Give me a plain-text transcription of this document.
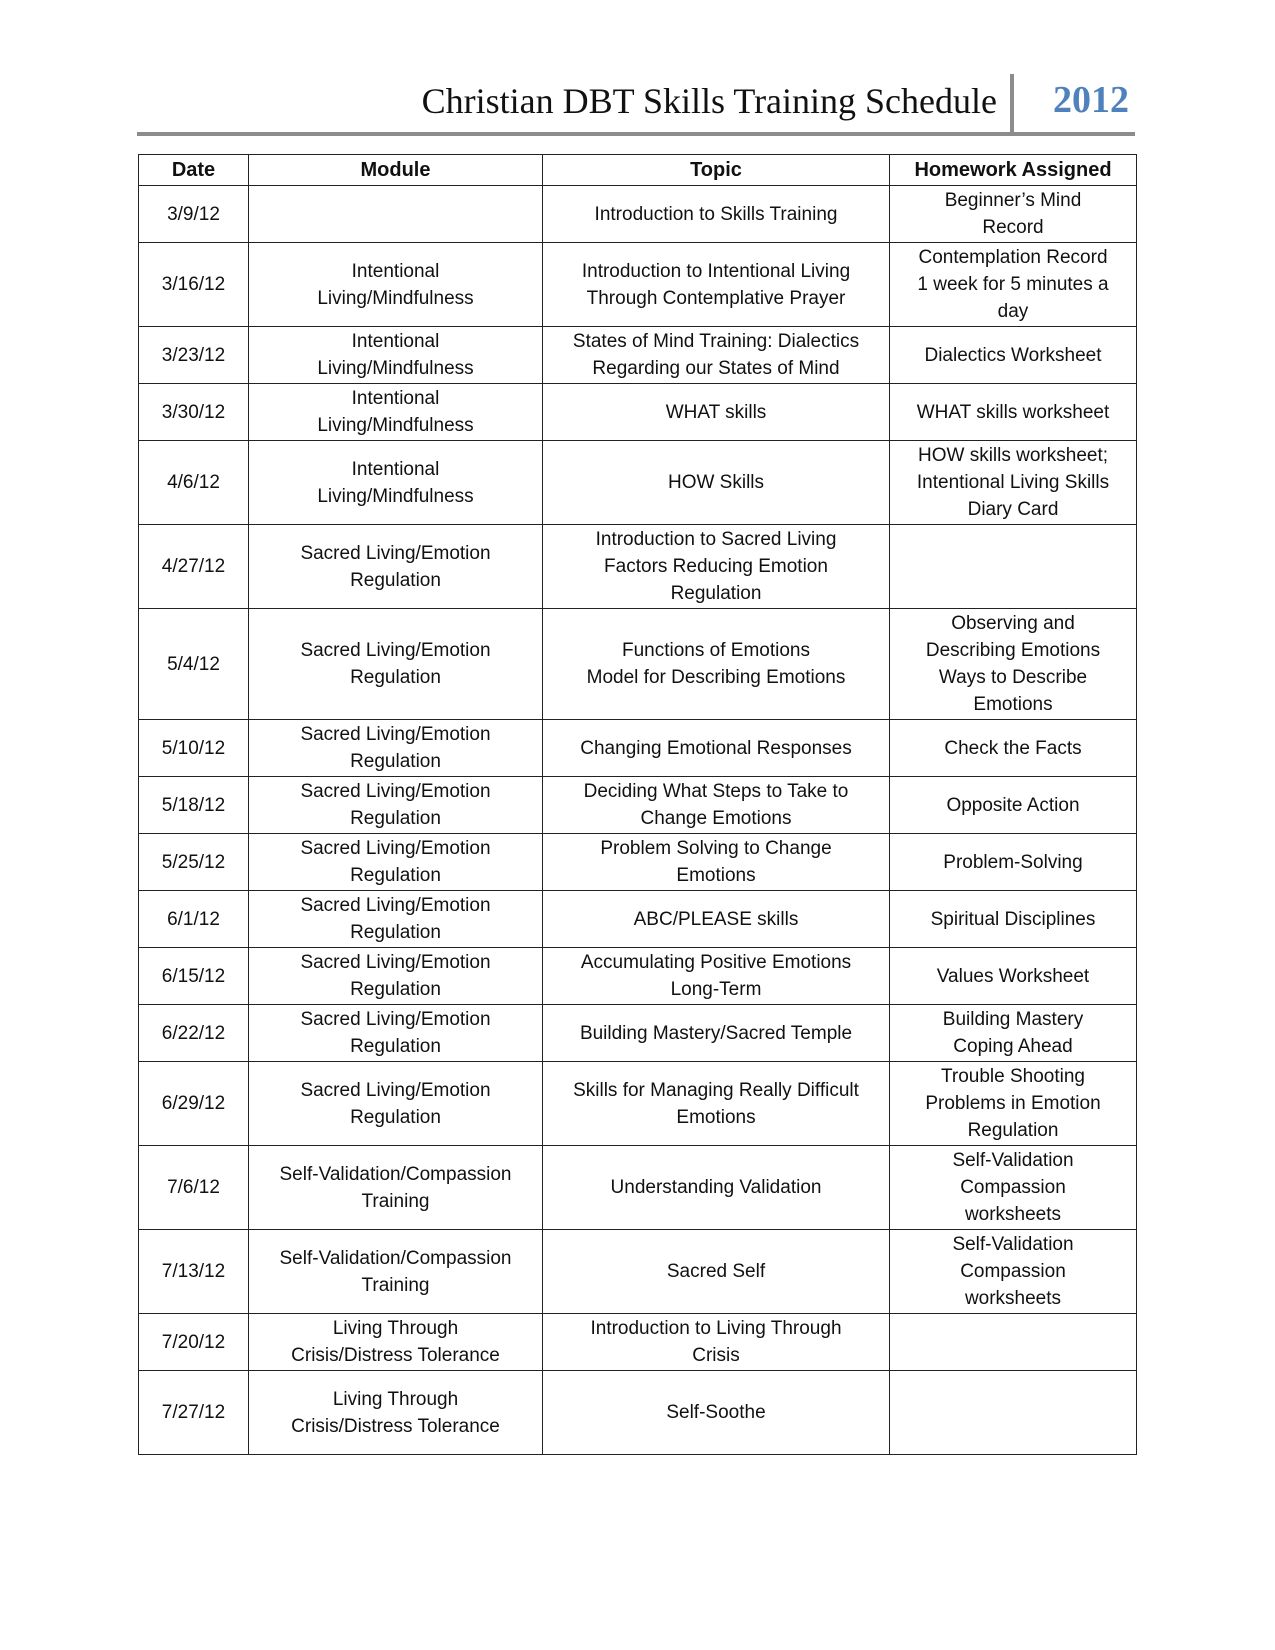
Christian DBT Skills Training Schedule 2012
Date	Module	Topic	Homework Assigned
3/9/12		Introduction to Skills Training	Beginner’s Mind
Record
3/16/12	Intentional
Living/Mindfulness	Introduction to Intentional Living
Through Contemplative Prayer	Contemplation Record
1 week for 5 minutes a
day
3/23/12	Intentional
Living/Mindfulness	States of Mind Training: Dialectics
Regarding our States of Mind	Dialectics Worksheet
3/30/12	Intentional
Living/Mindfulness	WHAT skills	WHAT skills worksheet
4/6/12	Intentional
Living/Mindfulness	HOW Skills	HOW skills worksheet;
Intentional Living Skills
Diary Card
4/27/12	Sacred Living/Emotion
Regulation	Introduction to Sacred Living
Factors Reducing Emotion
Regulation	
5/4/12	Sacred Living/Emotion
Regulation	Functions of Emotions
Model for Describing Emotions	Observing and
Describing Emotions
Ways to Describe
Emotions
5/10/12	Sacred Living/Emotion
Regulation	Changing Emotional Responses	Check the Facts
5/18/12	Sacred Living/Emotion
Regulation	Deciding What Steps to Take to
Change Emotions	Opposite Action
5/25/12	Sacred Living/Emotion
Regulation	Problem Solving to Change
Emotions	Problem-Solving
6/1/12	Sacred Living/Emotion
Regulation	ABC/PLEASE skills	Spiritual Disciplines
6/15/12	Sacred Living/Emotion
Regulation	Accumulating Positive Emotions
Long-Term	Values Worksheet
6/22/12	Sacred Living/Emotion
Regulation	Building Mastery/Sacred Temple	Building Mastery
Coping Ahead
6/29/12	Sacred Living/Emotion
Regulation	Skills for Managing Really Difficult
Emotions	Trouble Shooting
Problems in Emotion
Regulation
7/6/12	Self-Validation/Compassion
Training	Understanding Validation	Self-Validation
Compassion
worksheets
7/13/12	Self-Validation/Compassion
Training	Sacred Self	Self-Validation
Compassion
worksheets
7/20/12	Living Through
Crisis/Distress Tolerance	Introduction to Living Through
Crisis	
7/27/12	Living Through
Crisis/Distress Tolerance	Self-Soothe	
